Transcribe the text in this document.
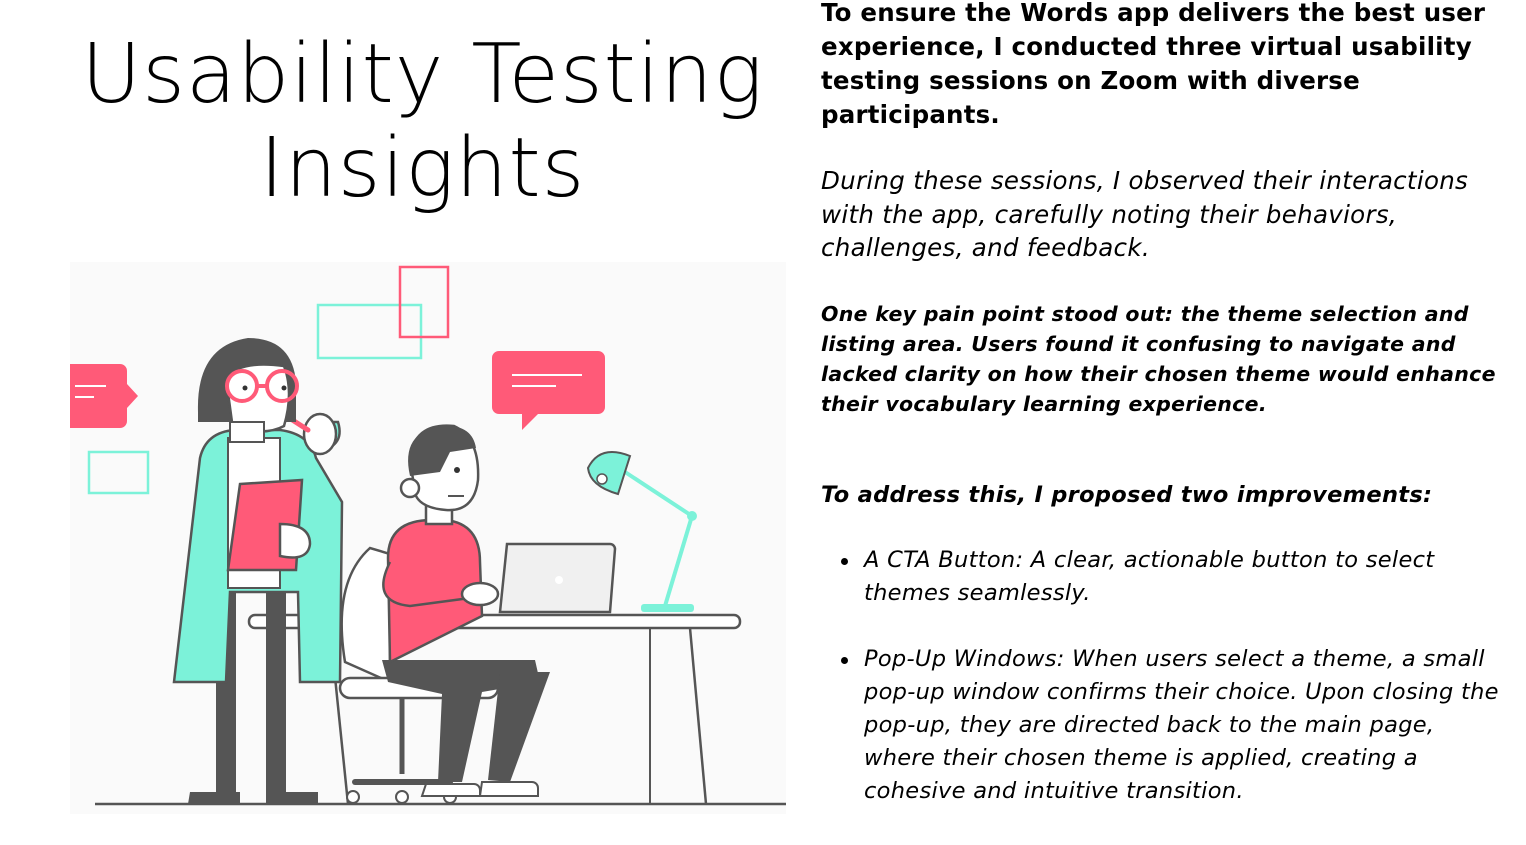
Usability Testing
Insights

To ensure the Words app delivers the best user experience, I conducted three virtual usability testing sessions on Zoom with diverse participants.

During these sessions, I observed their interactions with the app, carefully noting their behaviors, challenges, and feedback.

One key pain point stood out: the theme selection and listing area. Users found it confusing to navigate and lacked clarity on how their chosen theme would enhance their vocabulary learning experience.

To address this, I proposed two improvements:

A CTA Button: A clear, actionable button to select themes seamlessly.
Pop-Up Windows: When users select a theme, a small pop-up window confirms their choice. Upon closing the pop-up, they are directed back to the main page, where their chosen theme is applied, creating a cohesive and intuitive transition.
